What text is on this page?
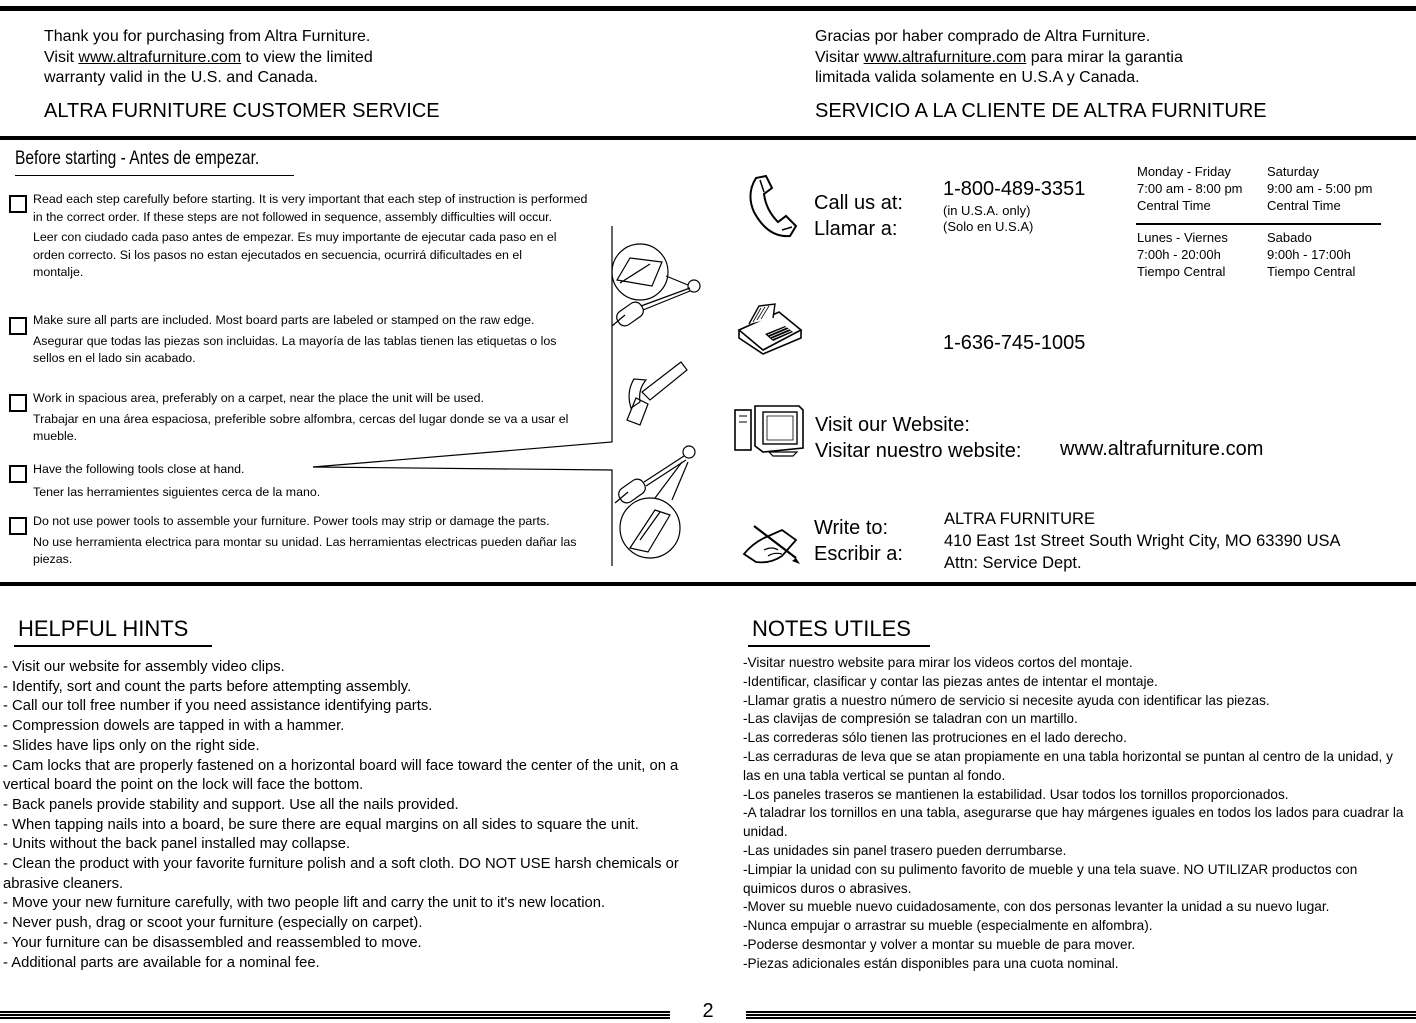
Thank you for purchasing from Altra Furniture.
Visit www.altrafurniture.com to view the limited
warranty valid in the U.S. and Canada.
ALTRA FURNITURE CUSTOMER SERVICE
Gracias por haber comprado de Altra Furniture.
Visitar www.altrafurniture.com para mirar la garantia
limitada valida solamente en U.S.A y Canada.
SERVICIO A LA CLIENTE DE ALTRA FURNITURE
Before starting - Antes de empezar.

Read each step carefully before starting. It is very important that each step of instruction is performed in the correct order. If these steps are not followed in sequence, assembly difficulties will occur.

Leer con ciudado cada paso antes de empezar. Es muy importante de ejecutar cada paso en el orden correcto. Si los pasos no estan ejecutados en secuencia, ocurrirá dificultades en el montalje.

Make sure all parts are included. Most board parts are labeled or stamped on the raw edge.

Asegurar que todas las piezas son incluidas. La mayoría de las tablas tienen las etiquetas o los sellos en el lado sin acabado.

Work in spacious area, preferably on a carpet, near the place the unit will be used.

Trabajar en una área espaciosa, preferible sobre alfombra, cercas del lugar donde se va a usar el mueble.

Have the following tools close at hand.

Tener las herramientes siguientes cerca de la mano.

Do not use power tools to assemble your furniture. Power tools may strip or damage the parts.

No use herramienta electrica para montar su unidad. Las herramientas electricas pueden dañar las piezas.

Call us at:
Llamar a:
1-800-489-3351
(in U.S.A. only)
(Solo en U.S.A)
Monday - Friday
7:00 am - 8:00 pm
Central Time
Saturday
9:00 am - 5:00 pm
Central Time
Lunes - Viernes
7:00h - 20:00h
Tiempo Central
Sabado
9:00h - 17:00h
Tiempo Central
1-636-745-1005
Visit our Website:
Visitar nuestro website: www.altrafurniture.com
Write to:
Escribir a:
ALTRA FURNITURE
410 East 1st Street South Wright City, MO 63390 USA
Attn: Service Dept.
HELPFUL HINTS
- Visit our website for assembly video clips.
- Identify, sort and count the parts before attempting assembly.
- Call our toll free number if you need assistance identifying parts.
- Compression dowels are tapped in with a hammer.
- Slides have lips only on the right side.
- Cam locks that are properly fastened on a horizontal board will face toward the center of the unit, on a vertical board the point on the lock will face the bottom.
- Back panels provide stability and support. Use all the nails provided.
- When tapping nails into a board, be sure there are equal margins on all sides to square the unit.
- Units without the back panel installed may collapse.
- Clean the product with your favorite furniture polish and a soft cloth. DO NOT USE harsh chemicals or abrasive cleaners.
- Move your new furniture carefully, with two people lift and carry the unit to it's new location.
- Never push, drag or scoot your furniture (especially on carpet).
- Your furniture can be disassembled and reassembled to move.
- Additional parts are available for a nominal fee.
NOTES UTILES
-Visitar nuestro website para mirar los videos cortos del montaje.
-Identificar, clasificar y contar las piezas antes de intentar el montaje.
-Llamar gratis a nuestro número de servicio si necesite ayuda con identificar las piezas.
-Las clavijas de compresión se taladran con un martillo.
-Las correderas sólo tienen las protruciones en el lado derecho.
-Las cerraduras de leva que se atan propiamente en una tabla horizontal se puntan al centro de la unidad, y las en una tabla vertical se puntan al fondo.
-Los paneles traseros se mantienen la estabilidad. Usar todos los tornillos proporcionados.
-A taladrar los tornillos en una tabla, asegurarse que hay márgenes iguales en todos los lados para cuadrar la unidad.
-Las unidades sin panel trasero pueden derrumbarse.
-Limpiar la unidad con su pulimento favorito de mueble y una tela suave. NO UTILIZAR productos con quimicos duros o abrasives.
-Mover su mueble nuevo cuidadosamente, con dos personas levanter la unidad a su nuevo lugar.
-Nunca empujar o arrastrar su mueble (especialmente en alfombra).
-Poderse desmontar y volver a montar su mueble de para mover.
-Piezas adicionales están disponibles para una cuota nominal.
2
